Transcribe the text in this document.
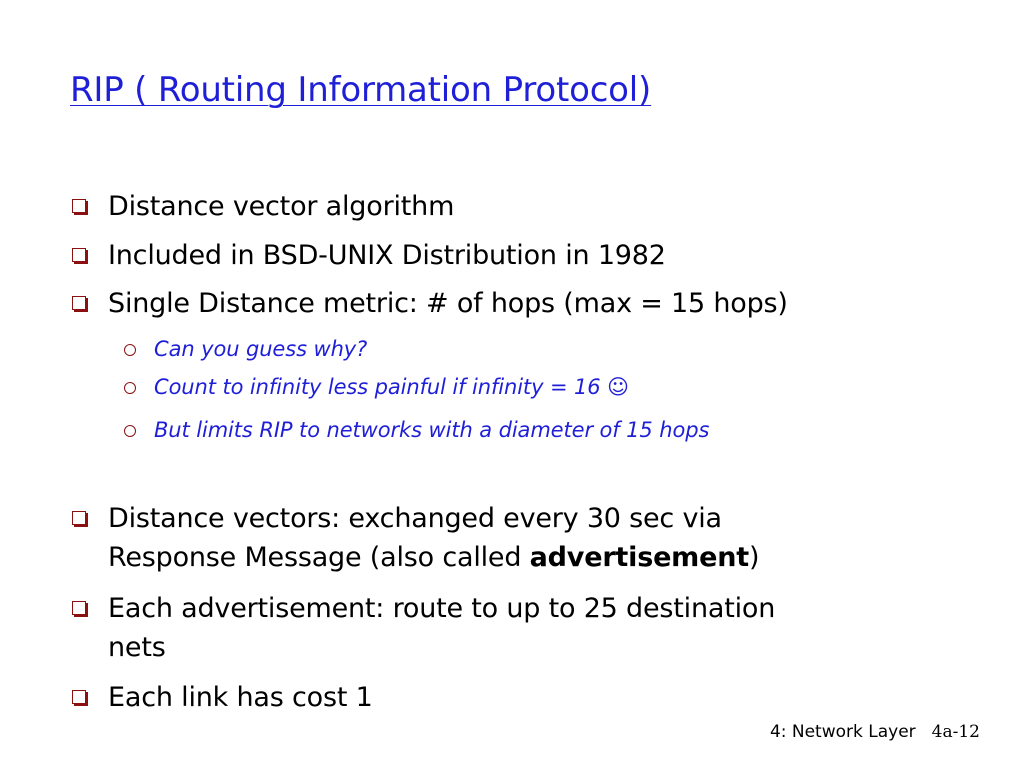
RIP ( Routing Information Protocol)
Distance vector algorithm
Included in BSD-UNIX Distribution in 1982
Single Distance metric: # of hops (max = 15 hops)
Can you guess why?
Count to infinity less painful if infinity = 16 ☺
But limits RIP to networks with a diameter of 15 hops
Distance vectors: exchanged every 30 sec via
Response Message (also called advertisement)
Each advertisement: route to up to 25 destination
nets
Each link has cost 1
4: Network Layer 4a-12
